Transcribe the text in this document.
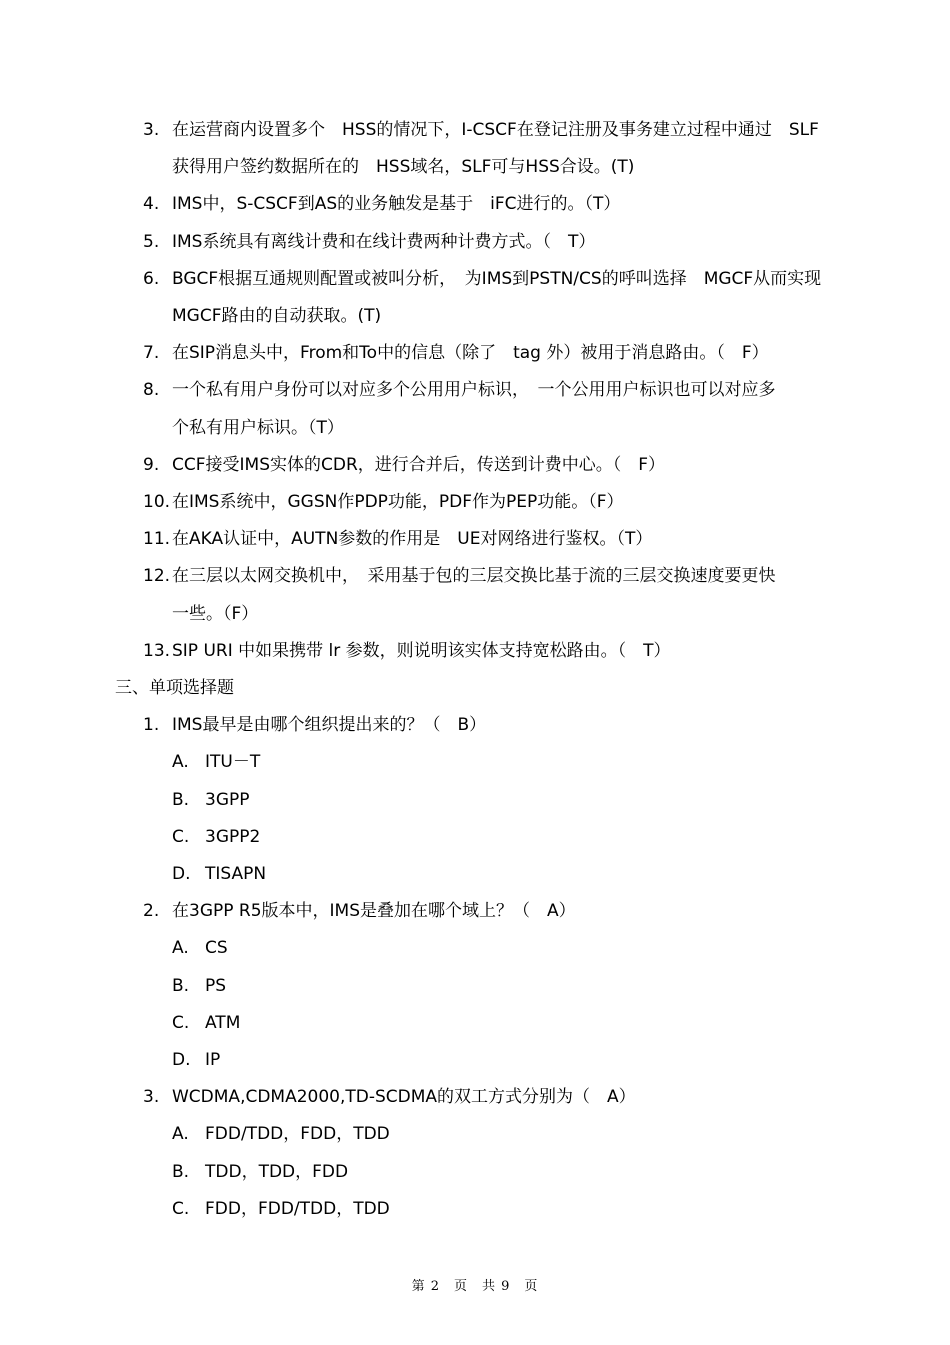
3. 在运营商内设置多个　HSS的情况下，I-CSCF在登记注册及事务建立过程中通过　SLF
获得用户签约数据所在的　HSS域名，SLF可与HSS合设。(T)
4. IMS中，S-CSCF到AS的业务触发是基于　iFC进行的。（T）
5. IMS系统具有离线计费和在线计费两种计费方式。（　T）
6. BGCF根据互通规则配置或被叫分析，　为IMS到PSTN/CS的呼叫选择　MGCF从而实现
MGCF路由的自动获取。(T)
7. 在SIP消息头中，From和To中的信息（除了　tag 外）被用于消息路由。（　F）
8. 一个私有用户身份可以对应多个公用用户标识，　一个公用用户标识也可以对应多
个私有用户标识。（T）
9. CCF接受IMS实体的CDR，进行合并后，传送到计费中心。（　F）
10. 在IMS系统中，GGSN作PDP功能，PDF作为PEP功能。（F）
11. 在AKA认证中，AUTN参数的作用是　UE对网络进行鉴权。（T）
12. 在三层以太网交换机中，　采用基于包的三层交换比基于流的三层交换速度要更快
一些。（F）
13. SIP URI 中如果携带 lr 参数，则说明该实体支持宽松路由。（　T）
三、单项选择题
1. IMS最早是由哪个组织提出来的？（　B）
A. ITU－T
B. 3GPP
C. 3GPP2
D. TISAPN
2. 在3GPP R5版本中，IMS是叠加在哪个域上？（　A）
A. CS
B. PS
C. ATM
D. IP
3. WCDMA,CDMA2000,TD-SCDMA的双工方式分别为（　A）
A. FDD/TDD，FDD，TDD
B. TDD，TDD，FDD
C. FDD，FDD/TDD，TDD
第 2　页　共 9　页
